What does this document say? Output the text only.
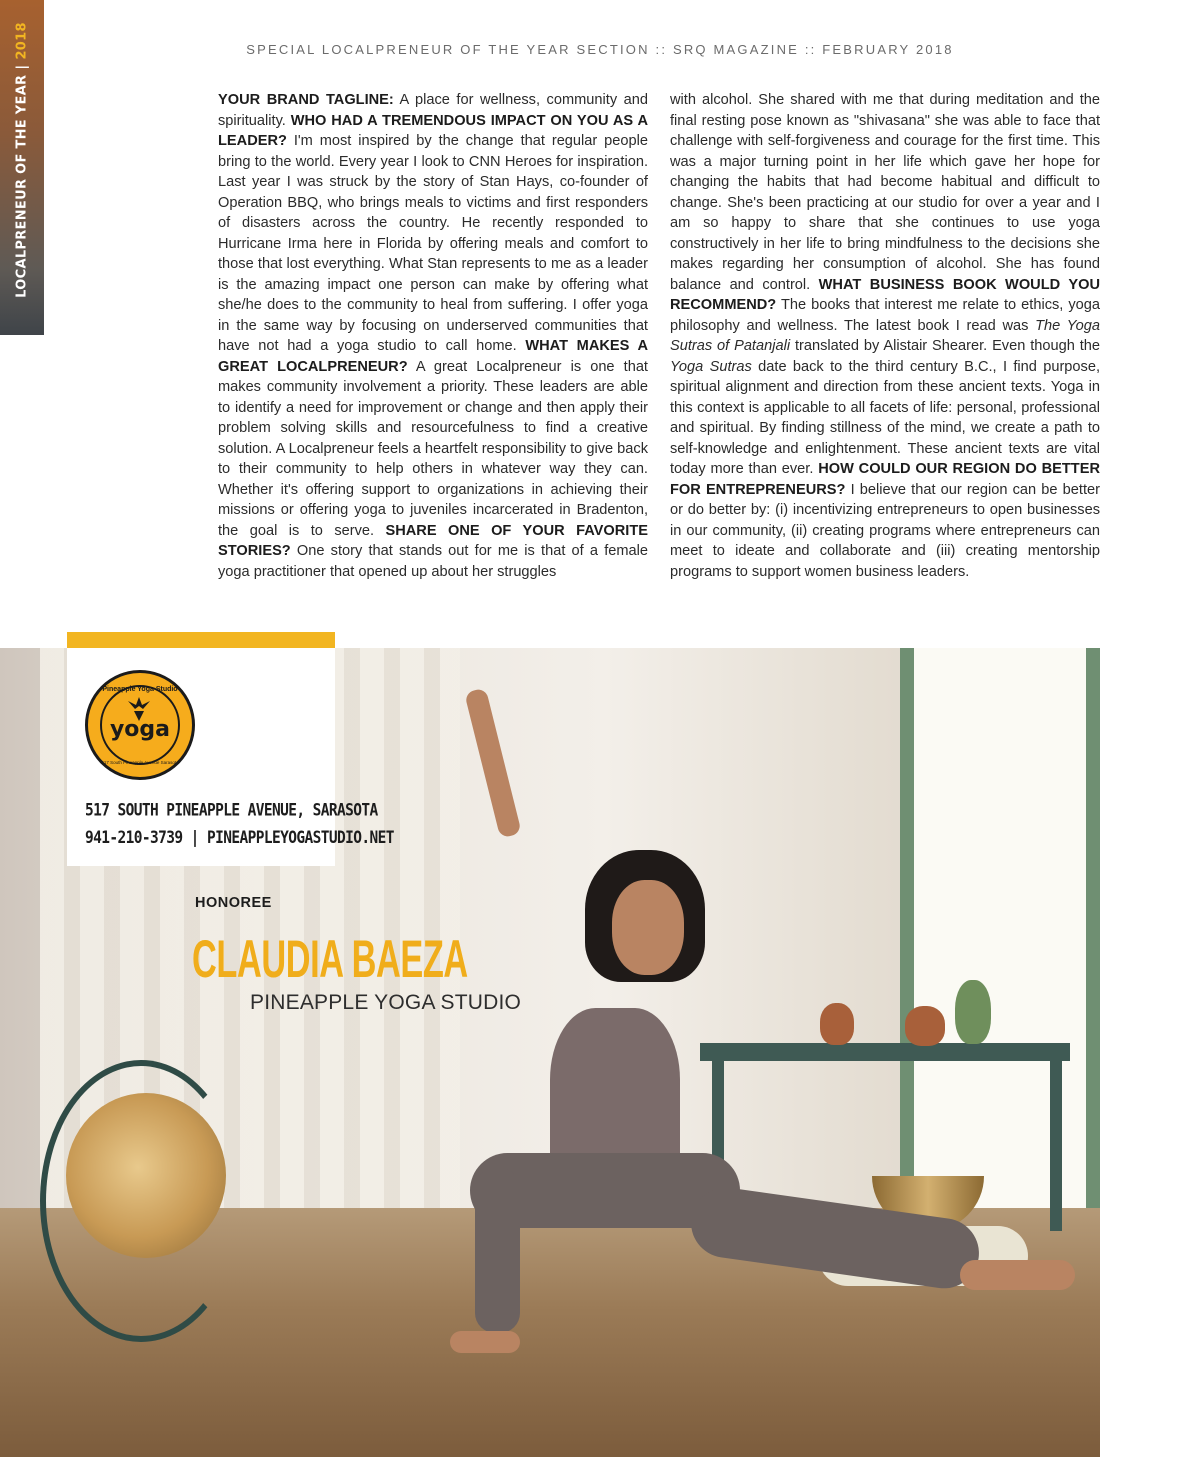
LOCALPRENEUR OF THE YEAR|2018	SPECIAL LOCALPRENEUR OF THE YEAR SECTION :: SRQ MAGAZINE :: FEBRUARY 2018
YOUR BRAND TAGLINE: A place for wellness, community and spirituality. WHO HAD A TREMENDOUS IMPACT ON YOU AS A LEADER? I'm most inspired by the change that regular people bring to the world. Every year I look to CNN Heroes for inspiration. Last year I was struck by the story of Stan Hays, co-founder of Operation BBQ, who brings meals to victims and first responders of disasters across the country. He recently responded to Hurricane Irma here in Florida by offering meals and comfort to those that lost everything. What Stan represents to me as a leader is the amazing impact one person can make by offering what she/he does to the community to heal from suffering. I offer yoga in the same way by focusing on underserved communities that have not had a yoga studio to call home. WHAT MAKES A GREAT LOCALPRENEUR? A great Localpreneur is one that makes community involvement a priority. These leaders are able to identify a need for improvement or change and then apply their problem solving skills and resourcefulness to find a creative solution. A Localpreneur feels a heartfelt responsibility to give back to their community to help others in whatever way they can. Whether it's offering support to organizations in achieving their missions or offering yoga to juveniles incarcerated in Bradenton, the goal is to serve. SHARE ONE OF YOUR FAVORITE STORIES? One story that stands out for me is that of a female yoga practitioner that opened up about her struggles
with alcohol. She shared with me that during meditation and the final resting pose known as "shivasana" she was able to face that challenge with self-forgiveness and courage for the first time. This was a major turning point in her life which gave her hope for changing the habits that had become habitual and difficult to change. She's been practicing at our studio for over a year and I am so happy to share that she continues to use yoga constructively in her life to bring mindfulness to the decisions she makes regarding her consumption of alcohol. She has found balance and control. WHAT BUSINESS BOOK WOULD YOU RECOMMEND? The books that interest me relate to ethics, yoga philosophy and wellness. The latest book I read was The Yoga Sutras of Patanjali translated by Alistair Shearer. Even though the Yoga Sutras date back to the third century B.C., I find purpose, spiritual alignment and direction from these ancient texts. Yoga in this context is applicable to all facets of life: personal, professional and spiritual. By finding stillness of the mind, we create a path to self-knowledge and enlightenment. These ancient texts are vital today more than ever. HOW COULD OUR REGION DO BETTER FOR ENTREPRENEURS? I believe that our region can be better or do better by: (i) incentivizing entrepreneurs to open businesses in our community, (ii) creating programs where entrepreneurs can meet to ideate and collaborate and (iii) creating mentorship programs to support women business leaders.
Pineapple Yoga Studio
yoga
517 South Pineapple Avenue Sarasota
517 SOUTH PINEAPPLE AVENUE, SARASOTA
941-210-3739 | PINEAPPLEYOGASTUDIO.NET
HONOREE
CLAUDIA BAEZA
PINEAPPLE YOGA STUDIO
